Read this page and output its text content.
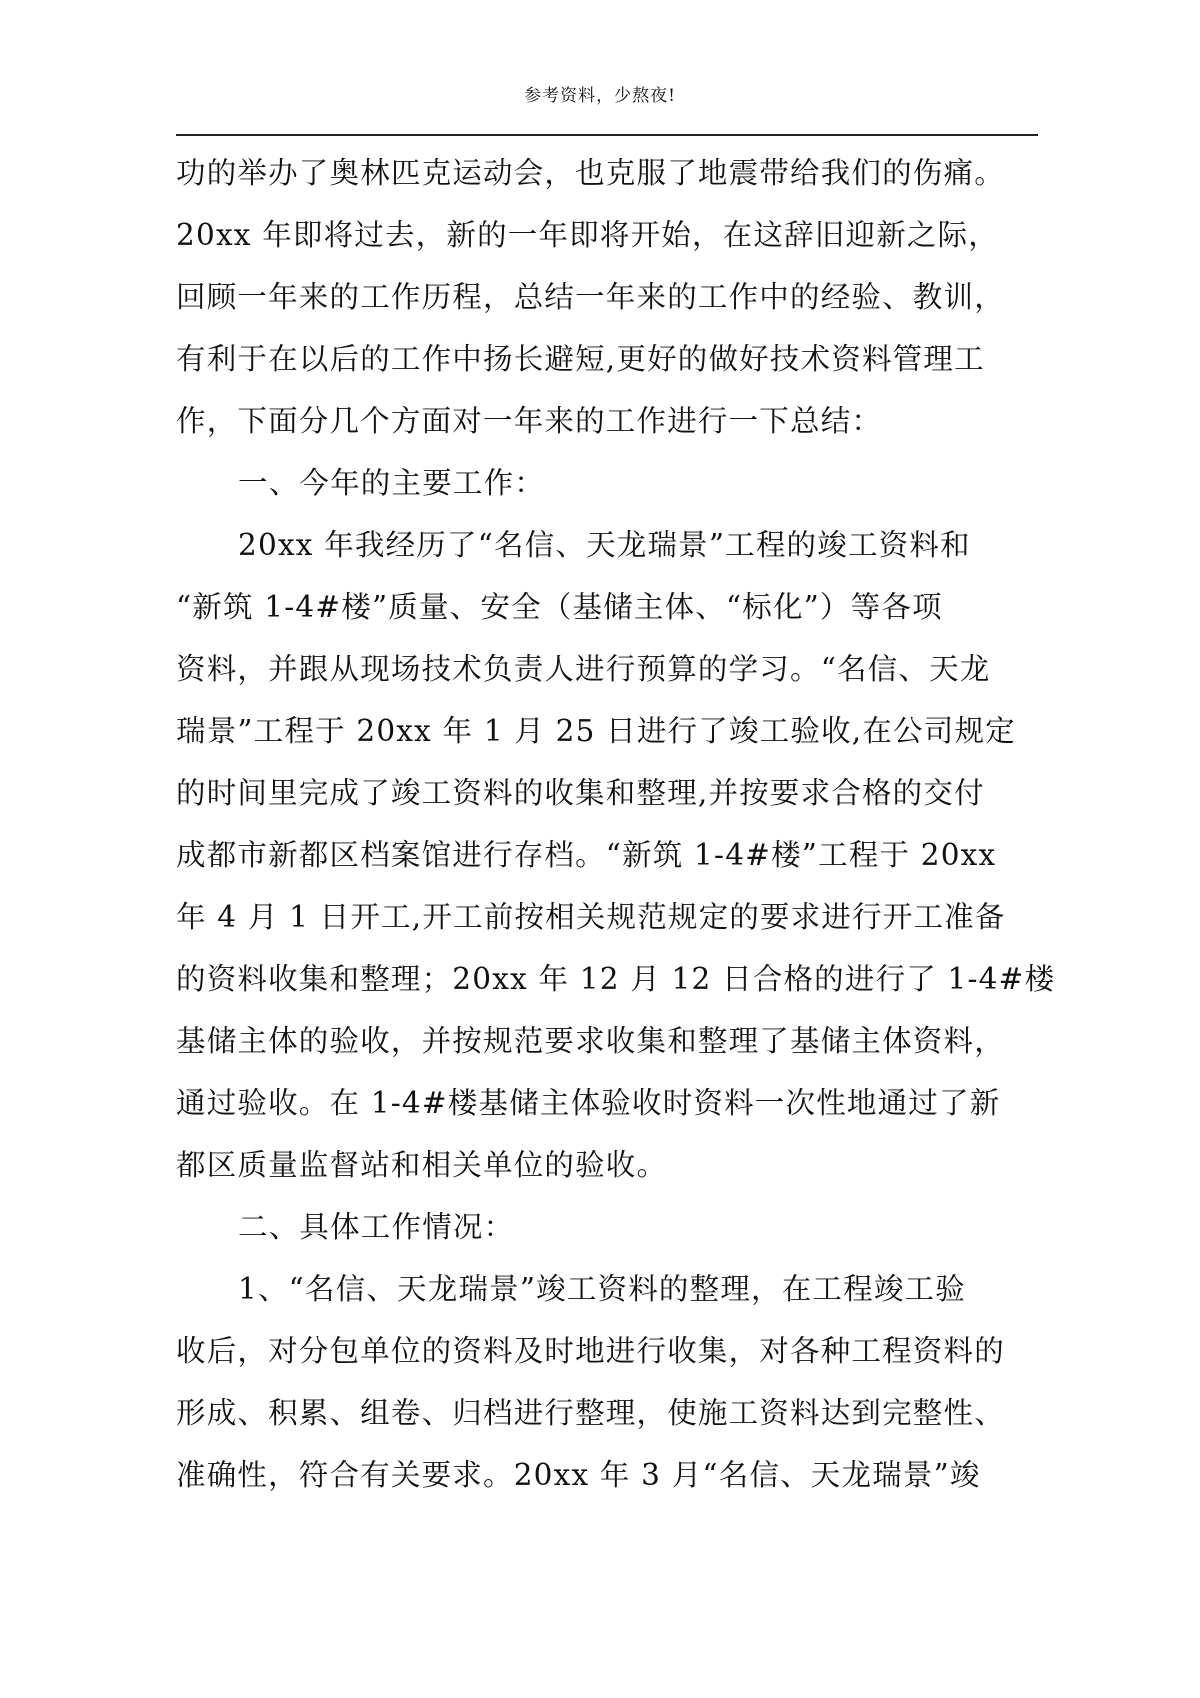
参考资料，少熬夜!
功的举办了奥林匹克运动会，也克服了地震带给我们的伤痛。
20xx 年即将过去，新的一年即将开始，在这辞旧迎新之际，
回顾一年来的工作历程，总结一年来的工作中的经验、教训，
有利于在以后的工作中扬长避短,更好的做好技术资料管理工
作，下面分几个方面对一年来的工作进行一下总结：
一、今年的主要工作：
20xx 年我经历了“名信、天龙瑞景”工程的竣工资料和
“新筑 1-4#楼”质量、安全（基储主体、“标化”）等各项
资料，并跟从现场技术负责人进行预算的学习。“名信、天龙
瑞景”工程于 20xx 年 1 月 25 日进行了竣工验收,在公司规定
的时间里完成了竣工资料的收集和整理,并按要求合格的交付
成都市新都区档案馆进行存档。“新筑 1-4#楼”工程于 20xx
年 4 月 1 日开工,开工前按相关规范规定的要求进行开工准备
的资料收集和整理；20xx 年 12 月 12 日合格的进行了 1-4#楼
基储主体的验收，并按规范要求收集和整理了基储主体资料，
通过验收。在 1-4#楼基储主体验收时资料一次性地通过了新
都区质量监督站和相关单位的验收。
二、具体工作情况：
1、“名信、天龙瑞景”竣工资料的整理，在工程竣工验
收后，对分包单位的资料及时地进行收集，对各种工程资料的
形成、积累、组卷、归档进行整理，使施工资料达到完整性、
准确性，符合有关要求。20xx 年 3 月“名信、天龙瑞景”竣
